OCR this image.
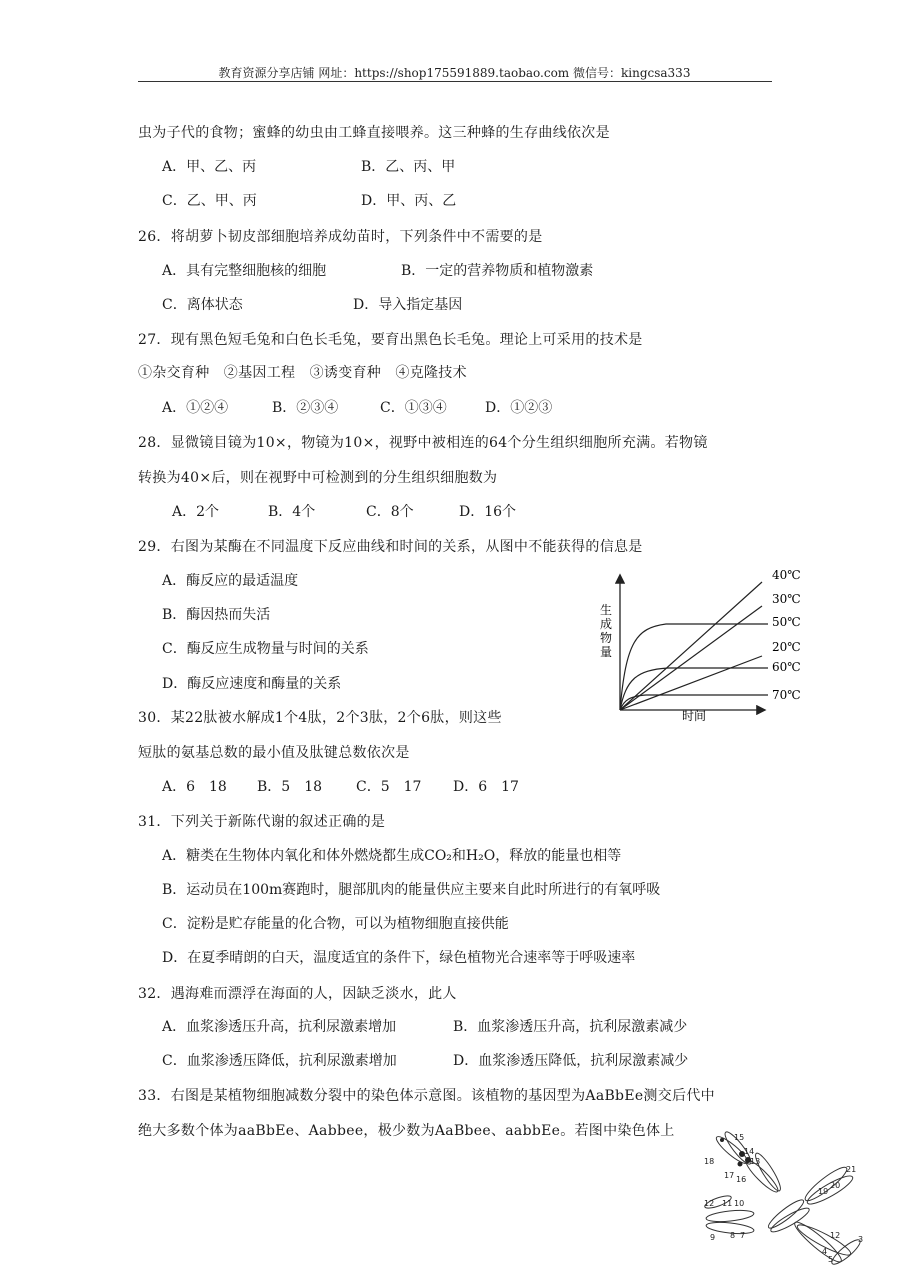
教育资源分享店铺 网址：https://shop175591889.taobao.com 微信号：kingcsa333
虫为子代的食物；蜜蜂的幼虫由工蜂直接喂养。这三种蜂的生存曲线依次是
A．甲、乙、丙	B．乙、丙、甲
C．乙、甲、丙	D．甲、丙、乙
26．将胡萝卜韧皮部细胞培养成幼苗时，下列条件中不需要的是
A．具有完整细胞核的细胞	B．一定的营养物质和植物激素
C．离体状态	D．导入指定基因
27．现有黑色短毛兔和白色长毛兔，要育出黑色长毛兔。理论上可采用的技术是
①杂交育种　②基因工程　③诱变育种　④克隆技术
A．①②④	B．②③④	C．①③④	D．①②③
28．显微镜目镜为10×，物镜为10×，视野中被相连的64个分生组织细胞所充满。若物镜
转换为40×后，则在视野中可检测到的分生组织细胞数为
A．2个	B．4个	C．8个	D．16个
29．右图为某酶在不同温度下反应曲线和时间的关系，从图中不能获得的信息是
A．酶反应的最适温度
B．酶因热而失活
C．酶反应生成物量与时间的关系
D．酶反应速度和酶量的关系
生成物量
时间
40℃
30℃
50℃
20℃
60℃
70℃
30．某22肽被水解成1个4肽，2个3肽，2个6肽，则这些
短肽的氨基总数的最小值及肽键总数依次是
A．6　18 B．5　18 C．5　17 D．6　17
31．下列关于新陈代谢的叙述正确的是
A．糖类在生物体内氧化和体外燃烧都生成CO₂和H₂O，释放的能量也相等
B．运动员在100m赛跑时，腿部肌肉的能量供应主要来自此时所进行的有氧呼吸
C．淀粉是贮存能量的化合物，可以为植物细胞直接供能
D．在夏季晴朗的白天，温度适宜的条件下，绿色植物光合速率等于呼吸速率
32．遇海难而漂浮在海面的人，因缺乏淡水，此人
A．血浆渗透压升高，抗利尿激素增加	B．血浆渗透压升高，抗利尿激素减少
C．血浆渗透压降低，抗利尿激素增加	D．血浆渗透压降低，抗利尿激素减少
33．右图是某植物细胞减数分裂中的染色体示意图。该植物的基因型为AaBbEe测交后代中
绝大多数个体为aaBbEe、Aabbee，极少数为AaBbee、aabbEe。若图中染色体上	15
18
14
13
17 16
12 11 10
9 8 7
21
20
19
12 3
4
5
